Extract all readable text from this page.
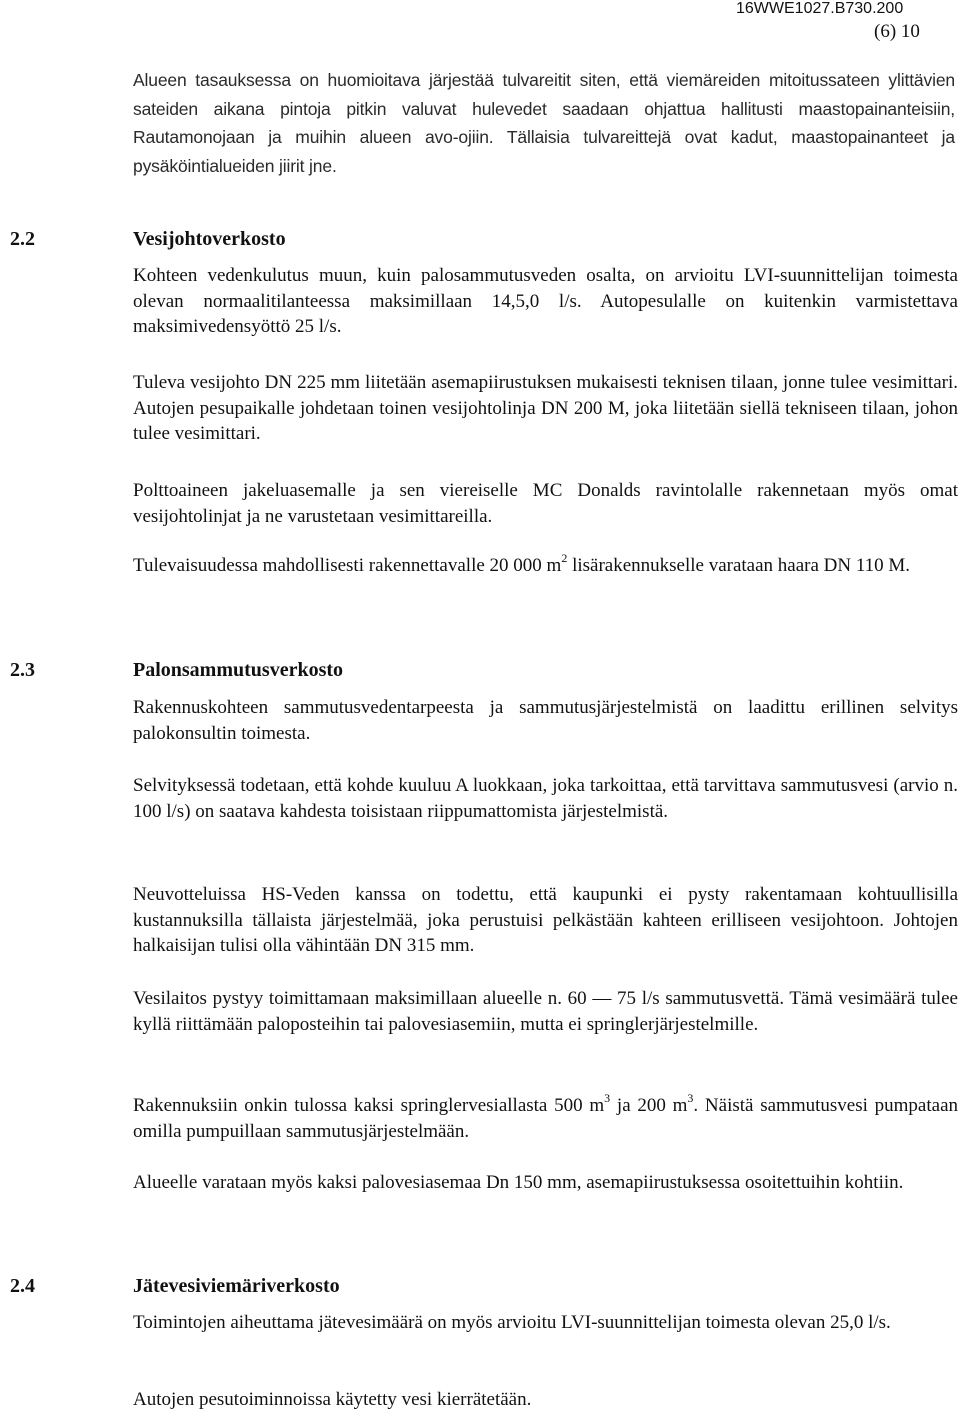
16WWE1027.B730.200
(6) 10
Alueen tasauksessa on huomioitava järjestää tulvareitit siten, että viemäreiden mitoitussateen ylittävien sateiden aikana pintoja pitkin valuvat hulevedet saadaan ohjattua hallitusti maastopainanteisiin, Rautamonojaan ja muihin alueen avo-ojiin. Tällaisia tulvareittejä ovat kadut, maastopainanteet ja pysäköintialueiden jiirit jne.
2.2	Vesijohtoverkosto

Kohteen vedenkulutus muun, kuin palosammutusveden osalta, on arvioitu LVI-suunnittelijan toimesta olevan normaalitilanteessa maksimillaan 14,5,0 l/s. Autopesulalle on kuitenkin varmistettava maksimivedensyöttö 25 l/s.

Tuleva vesijohto DN 225 mm liitetään asemapiirustuksen mukaisesti teknisen tilaan, jonne tulee vesimittari. Autojen pesupaikalle johdetaan toinen vesijohtolinja DN 200 M, joka liitetään siellä tekniseen tilaan, johon tulee vesimittari.

Polttoaineen jakeluasemalle ja sen viereiselle MC Donalds ravintolalle rakennetaan myös omat vesijohtolinjat ja ne varustetaan vesimittareilla.

Tulevaisuudessa mahdollisesti rakennettavalle 20 000 $m^2$ lisärakennukselle varataan haara DN 110 M.

2.3	Palonsammutusverkosto

Rakennuskohteen sammutusvedentarpeesta ja sammutusjärjestelmistä on laadittu erillinen selvitys palokonsultin toimesta.

Selvityksessä todetaan, että kohde kuuluu A luokkaan, joka tarkoittaa, että tarvittava sammutusvesi (arvio n. 100 l/s) on saatava kahdesta toisistaan riippumattomista järjestelmistä.

Neuvotteluissa HS-Veden kanssa on todettu, että kaupunki ei pysty rakentamaan kohtuullisilla kustannuksilla tällaista järjestelmää, joka perustuisi pelkästään kahteen erilliseen vesijohtoon. Johtojen halkaisijan tulisi olla vähintään DN 315 mm.

Vesilaitos pystyy toimittamaan maksimillaan alueelle n. 60 — 75 l/s sammutusvettä. Tämä vesimäärä tulee kyllä riittämään paloposteihin tai palovesiasemiin, mutta ei springlerjärjestelmille.

Rakennuksiin onkin tulossa kaksi springlervesiallasta 500 $m^3$ ja 200 $m^3$. Näistä sammutusvesi pumpataan omilla pumpuillaan sammutusjärjestelmään.

Alueelle varataan myös kaksi palovesiasemaa Dn 150 mm, asemapiirustuksessa osoitettuihin kohtiin.

2.4	Jätevesiviemäriverkosto

Toimintojen aiheuttama jätevesimäärä on myös arvioitu LVI-suunnittelijan toimesta olevan 25,0 l/s.

Autojen pesutoiminnoissa käytetty vesi kierrätetään.
